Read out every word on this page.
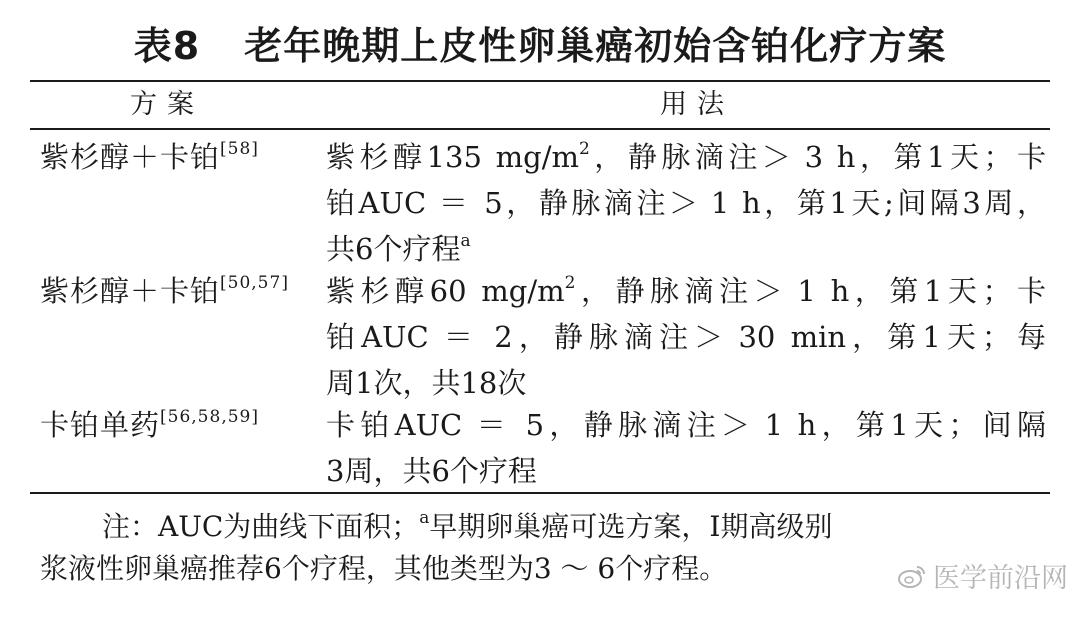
表8 老年晚期上皮性卵巢癌初始含铂化疗方案
方案	用法
紫杉醇＋卡铂[58] 紫杉醇135 $mg/m^2$，静脉滴注＞ 3 h，第1天；卡
铂AUC ＝ 5，静脉滴注＞ 1 h，第1天;间隔3周，
共6个疗程$^a$
紫杉醇＋卡铂[50,57] 紫杉醇60 $mg/m^2$，静脉滴注＞ 1 h，第1天；卡
铂AUC ＝ 2，静脉滴注＞ 30 min，第1天；每
周1次，共18次
卡铂单药[56,58,59] 卡铂AUC ＝ 5，静脉滴注＞ 1 h，第1天；间隔
3周，共6个疗程
注：AUC为曲线下面积；$^a$早期卵巢癌可选方案，Ⅰ期高级别
浆液性卵巢癌推荐6个疗程，其他类型为3 ～ 6个疗程。	医学前沿网
